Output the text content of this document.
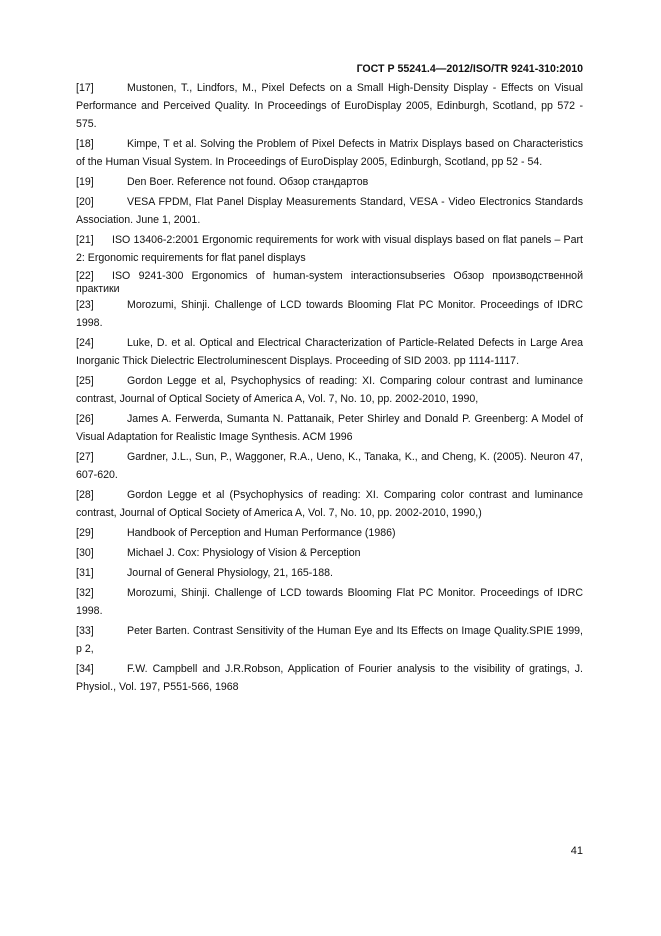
ГОСТ Р 55241.4—2012/ISO/TR 9241-310:2010
[17]	Mustonen, T., Lindfors, M., Pixel Defects on a Small High-Density Display - Effects on Visual Performance and Perceived Quality. In Proceedings of EuroDisplay 2005, Edinburgh, Scotland, pp 572 - 575.
[18]	Kimpe, T et al. Solving the Problem of Pixel Defects in Matrix Displays based on Characteristics of the Human Visual System. In Proceedings of EuroDisplay 2005, Edinburgh, Scotland, pp 52 - 54.
[19]	Den Boer. Reference not found. Обзор стандартов
[20]	VESA FPDM, Flat Panel Display Measurements Standard, VESA - Video Electronics Standards Association. June 1, 2001.
[21] ISO 13406-2:2001 Ergonomic requirements for work with visual displays based on flat panels – Part 2: Ergonomic requirements for flat panel displays
[22] ISO 9241-300 Ergonomics of human-system interactionsubseries Обзор производственной практики
[23]	Morozumi, Shinji. Challenge of LCD towards Blooming Flat PC Monitor. Proceedings of IDRC 1998.
[24]	Luke, D. et al. Optical and Electrical Characterization of Particle-Related Defects in Large Area Inorganic Thick Dielectric Electroluminescent Displays. Proceeding of SID 2003. pp 1114-1117.
[25]	Gordon Legge et al, Psychophysics of reading: XI. Comparing colour contrast and luminance contrast, Journal of Optical Society of America A, Vol. 7, No. 10, pp. 2002-2010, 1990,
[26]	James A. Ferwerda, Sumanta N. Pattanaik, Peter Shirley and Donald P. Greenberg: A Model of Visual Adaptation for Realistic Image Synthesis. ACM 1996
[27]	Gardner, J.L., Sun, P., Waggoner, R.A., Ueno, K., Tanaka, K., and Cheng, K. (2005). Neuron 47, 607-620.
[28]	Gordon Legge et al (Psychophysics of reading: XI. Comparing color contrast and luminance contrast, Journal of Optical Society of America A, Vol. 7, No. 10, pp. 2002-2010, 1990,)
[29]	Handbook of Perception and Human Performance (1986)
[30]	Michael J. Cox: Physiology of Vision & Perception
[31]	Journal of General Physiology, 21, 165-188.
[32]	Morozumi, Shinji. Challenge of LCD towards Blooming Flat PC Monitor. Proceedings of IDRC 1998.
[33]	Peter Barten. Contrast Sensitivity of the Human Eye and Its Effects on Image Quality.SPIE 1999, p 2,
[34]	F.W. Campbell and J.R.Robson, Application of Fourier analysis to the visibility of gratings, J. Physiol., Vol. 197, P551-566, 1968
41
